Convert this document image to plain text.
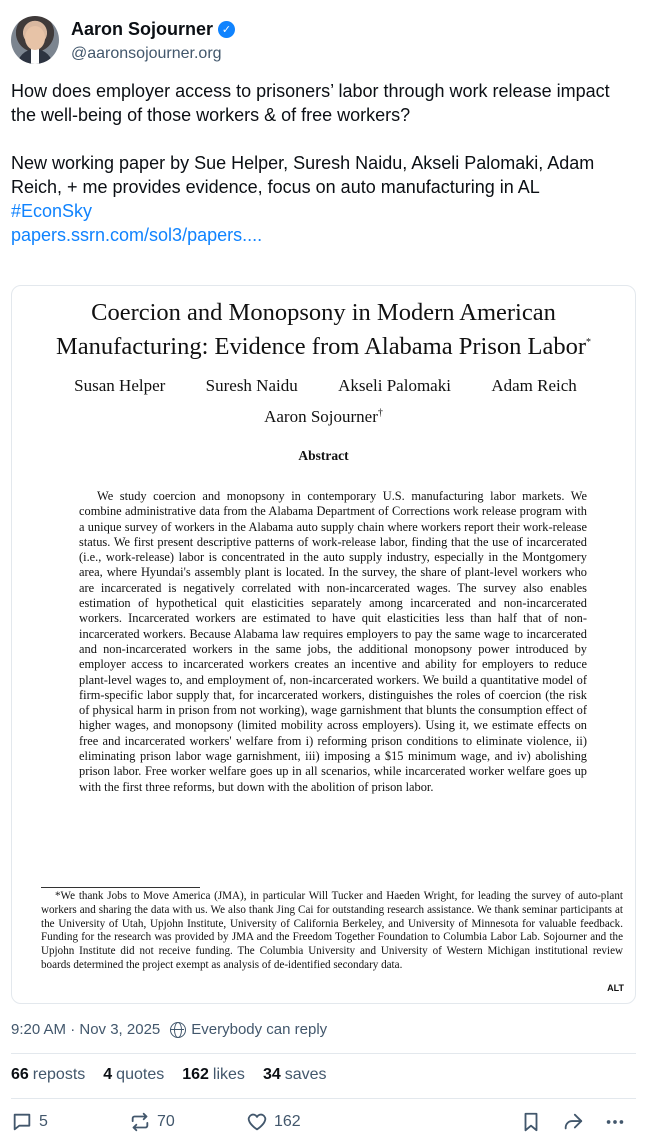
Aaron Sojourner ✓
@aaronsojourner.org

How does employer access to prisoners’ labor through work release impact the well-being of those workers & of free workers?

New working paper by Sue Helper, Suresh Naidu, Akseli Palomaki, Adam Reich, + me provides evidence, focus on auto manufacturing in AL

#EconSky
papers.ssrn.com/sol3/papers....
Coercion and Monopsony in Modern American
Manufacturing: Evidence from Alabama Prison Labor*
Susan Helper Suresh Naidu Akseli Palomaki Adam Reich
Aaron Sojourner†
Abstract
We study coercion and monopsony in contemporary U.S. manufacturing labor markets. We combine administrative data from the Alabama Department of Corrections work release program with a unique survey of workers in the Alabama auto supply chain where workers report their work-release status. We first present descriptive patterns of work-release labor, finding that the use of incarcerated (i.e., work-release) labor is concentrated in the auto supply industry, especially in the Montgomery area, where Hyundai's assembly plant is located. In the survey, the share of plant-level workers who are incarcerated is negatively correlated with non-incarcerated wages. The survey also enables estimation of hypothetical quit elasticities separately among incarcerated and non-incarcerated workers. Incarcerated workers are estimated to have quit elasticities less than half that of non-incarcerated workers. Because Alabama law requires employers to pay the same wage to incarcerated and non-incarcerated workers in the same jobs, the additional monopsony power introduced by employer access to incarcerated workers creates an incentive and ability for employers to reduce plant-level wages to, and employment of, non-incarcerated workers. We build a quantitative model of firm-specific labor supply that, for incarcerated workers, distinguishes the roles of coercion (the risk of physical harm in prison from not working), wage garnishment that blunts the consumption effect of higher wages, and monopsony (limited mobility across employers). Using it, we estimate effects on free and incarcerated workers' welfare from i) reforming prison conditions to eliminate violence, ii) eliminating prison labor wage garnishment, iii) imposing a $15 minimum wage, and iv) abolishing prison labor. Free worker welfare goes up in all scenarios, while incarcerated worker welfare goes up with the first three reforms, but down with the abolition of prison labor.
*We thank Jobs to Move America (JMA), in particular Will Tucker and Haeden Wright, for leading the survey of auto-plant workers and sharing the data with us. We also thank Jing Cai for outstanding research assistance. We thank seminar participants at the University of Utah, Upjohn Institute, University of California Berkeley, and University of Minnesota for valuable feedback. Funding for the research was provided by JMA and the Freedom Together Foundation to Columbia Labor Lab. Sojourner and the Upjohn Institute did not receive funding. The Columbia University and University of Western Michigan institutional review boards determined the project exempt as analysis of de-identified secondary data.
ALT
9:20 AM · Nov 3, 2025 Everybody can reply
66 reposts 4 quotes 162 likes 34 saves
5	70	162
